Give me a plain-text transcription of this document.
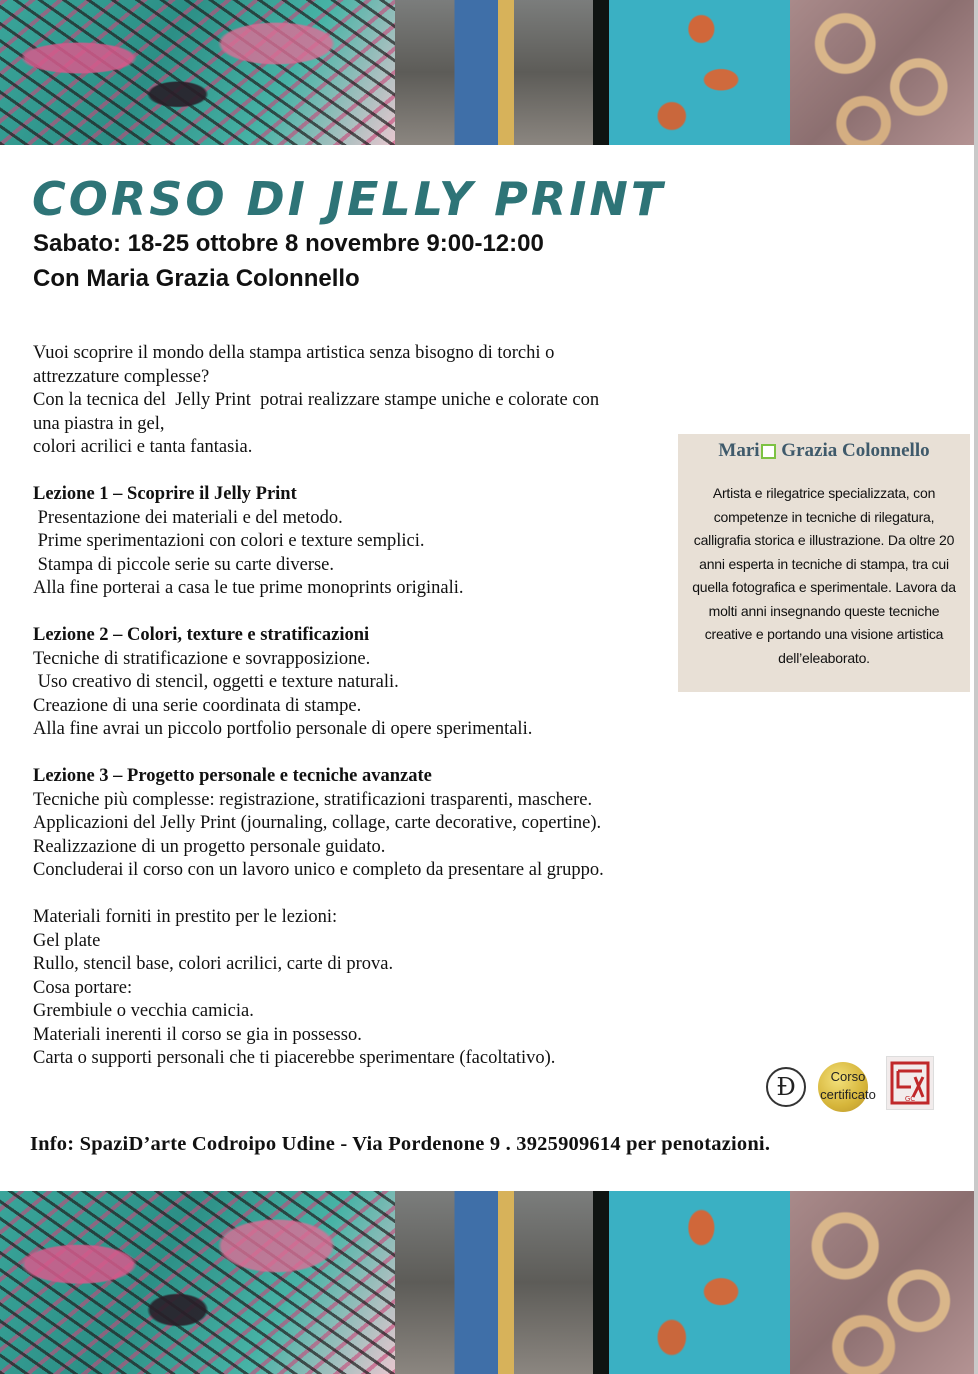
CORSO DI JELLY PRINT

Sabato: 18-25 ottobre 8 novembre 9:00-12:00

Con Maria Grazia Colonnello

Vuoi scoprire il mondo della stampa artistica senza bisogno di torchi o

attrezzature complesse?

Con la tecnica del  Jelly Print  potrai realizzare stampe uniche e colorate con

una piastra in gel,

colori acrilici e tanta fantasia.

Lezione 1 – Scoprire il Jelly Print

Presentazione dei materiali e del metodo.

Prime sperimentazioni con colori e texture semplici.

Stampa di piccole serie su carte diverse.

Alla fine porterai a casa le tue prime monoprints originali.

Lezione 2 – Colori, texture e stratificazioni

Tecniche di stratificazione e sovrapposizione.

Uso creativo di stencil, oggetti e texture naturali.

Creazione di una serie coordinata di stampe.

Alla fine avrai un piccolo portfolio personale di opere sperimentali.

Lezione 3 – Progetto personale e tecniche avanzate

Tecniche più complesse: registrazione, stratificazioni trasparenti, maschere.

Applicazioni del Jelly Print (journaling, collage, carte decorative, copertine).

Realizzazione di un progetto personale guidato.

Concluderai il corso con un lavoro unico e completo da presentare al gruppo.

Materiali forniti in prestito per le lezioni:

Gel plate

Rullo, stencil base, colori acrilici, carte di prova.

Cosa portare:

Grembiule o vecchia camicia.

Materiali inerenti il corso se gia in possesso.

Carta o supporti personali che ti piacerebbe sperimentare (facoltativo).

Mari Grazia Colonnello

Artista e rilegatrice specializzata, con competenze in tecniche di rilegatura, calligrafia storica e illustrazione. Da oltre 20 anni esperta in tecniche di stampa, tra cui quella fotografica e sperimentale. Lavora da molti anni insegnando queste tecniche creative e portando una visione artistica dell’eleaborato.

Đ	Corso
certificato	GC

Info: SpaziD’arte Codroipo Udine - Via Pordenone 9 . 3925909614 per penotazioni.
